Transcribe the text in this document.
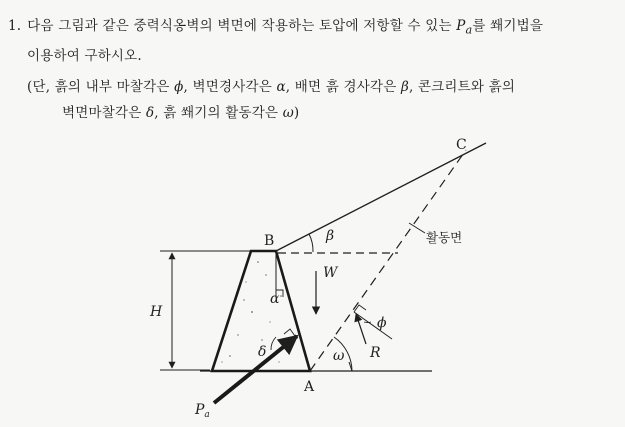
1. 다음 그림과 같은 중력식옹벽의 벽면에 작용하는 토압에 저항할 수 있는 $P_a$를 쐐기법을
이용하여 구하시오.
(단, 흙의 내부 마찰각은 ϕ, 벽면경사각은 α, 배면 흙 경사각은 β, 콘크리트와 흙의
벽면마찰각은 δ, 흙 쐐기의 활동각은 ω)
H
α
β	활동면
B
C
A
W
ω
ϕ
R
δ
$P_a$
